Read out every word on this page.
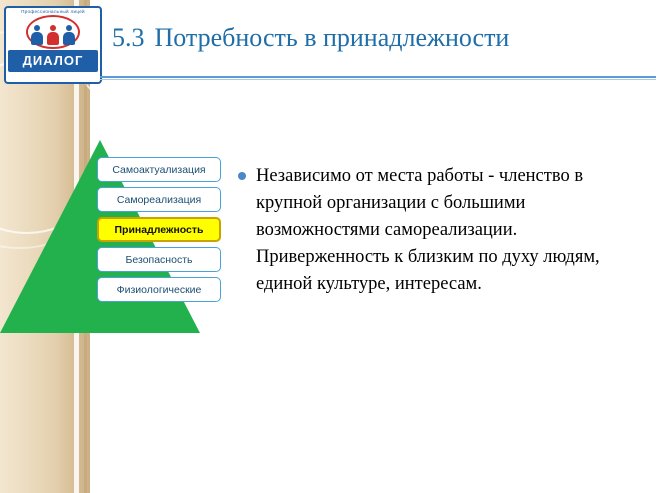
Профессиональный лицей
ДИАЛОГ
5.3 Потребность в принадлежности
Самоактуализация
Самореализация
Принадлежность
Безопасность
Физиологические
Независимо от места работы - членство в крупной организации с большими возможностями самореализации. Приверженность к близким по духу людям, единой культуре, интересам.
